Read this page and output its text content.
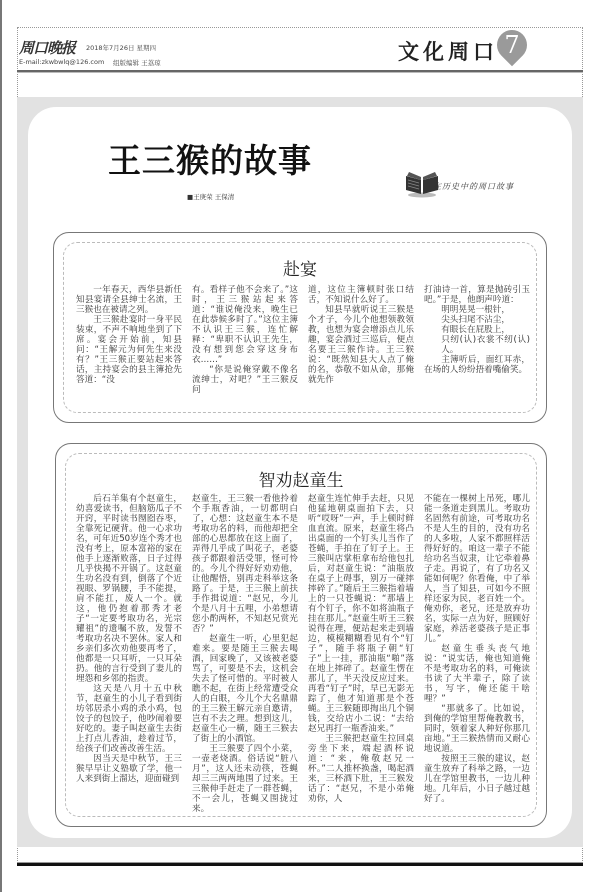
周口晚报 2018年7月26日 星期四
E-mail:zkwbwlq@126.com 组版编辑 王荔琼	文化周口 7
王三猴的故事
■王庚荣 王保清
在历史中的周口故事
赴宴

一年春天，西华县新任知县宴请全县绅士名流，王三猴也在被请之列。

王三猴赴宴时一身平民装束，不声不响地坐到了下席。宴会开始前，知县问：“王解元为何先生来没有？”王三猴正要站起来答话，主持宴会的县主簿抢先答道：“没

有。看样子他不会来了。”这时，王三猴站起来答道：“谁说俺没来，晚生已在此恭候多时了。”这位主簿不认识王三猴，连忙解释：“卑职不认识王先生，没有想到您会穿这身布衣……”

“你是说俺穿戴不像名流绅士，对吧？”王三猴反问

道，这位主簿顿时张口结舌，不知说什么好了。

知县早就听说王三猴是个才子，今儿个他想领教领教，也想为宴会增添点儿乐趣，宴会酒过三巡后，便点名要王三猴作诗。王三猴说：“既然知县大人点了俺的名，恭敬不如从命，那俺就先作

打油诗一首，算是抛砖引玉吧。”于是，他朗声吟道：

明明晃晃一根针，

尖头扫尾不沾尘，

有眼长在屁股上，

只纫(认)衣裳不纫(认)人。

主簿听后，面红耳赤，在场的人纷纷捂着嘴偷笑。

智劝赵童生

后石羊集有个赵童生，幼喜爱读书，但脑筋瓜子不开窍，平时读书囫囵吞枣，全靠死记硬背。他一心求功名，可年近50岁连个秀才也没有考上，原本富裕的家在他手上逐渐败落，日子过得几乎快揭不开锅了。这赵童生功名没有到，倒落了个近视眼、罗锅腰，手不能提，肩不能扛，废人一个。就这，他仍抱着那秀才老子“一定要考取功名，光宗耀祖”的遗嘱不放，发誓不考取功名决不罢休。家人和乡亲们多次劝他要再考了，他都是一只耳听，一只耳朵扔。他的言行受到了妻儿的埋怨和乡邻的指责。

这天是八月十五中秋节，赵童生的小儿子看到街坊邻居杀小鸡的杀小鸡，包饺子的包饺子，他吵闹着要好吃的。妻子叫赵童生去街上打点儿香油，趁着过节，给孩子们改善改善生活。

因当天是中秋节，王三猴早早让义塾歇了学，他一人来到街上溜达，迎面碰到

赵童生，王三猴一看他拎着个手瓶香油，一切都明白了，心想：这赵童生本不是考取功名的料，而他却把全部的心思都放在这上面了，弄得几乎成了叫花子，老婆孩子都跟着活受罪，怪可怜的。今儿个得好好劝劝他，让他醒悟，别再走科举这条路了。于是，王三猴上前扶手作揖说道：“赵兄，今儿个是八月十五哩，小弟想请您小酌两杯，不知赵兄赏光否？”

赵童生一听，心里犯起难来。要是随王三猴去喝酒，回家晚了，又该被老婆骂了，可要是不去，这机会失去了怪可惜的。平时被人瞧不起，在街上经常遭受众人的白眼，今儿个大名鼎鼎的王三猴王解元亲自邀请，岂有不去之理。想到这儿，赵童生心一横，随王三猴去了街上的小酒馆。

王三猴要了四个小菜，一壶老烧酒。俗话说“脏八月”，这人还未动筷，苍蝇却三三两两地围了过来。王三猴伸手赶走了一群苍蝇，不一会儿，苍蝇又围拢过来。

赵童生连忙伸手去赶，只见他猛地朝桌面拍下去，只听“哎呀”一声，手上顿时鲜血直流。原来，赵童生将凸出桌面的一个钉头儿当作了苍蝇，手拍在了钉子上。王三猴叫店掌柜拿布给他包扎后，对赵童生说：“油瓶放在桌子上碍事，别万一碰摔摔碎了。”随后王三猴指着墙上的一只苍蝇说：“那墙上有个钉子，你不如将油瓶子挂在那儿。”赵童生听王三猴说得在理，便站起来走到墙边，模模糊糊看见有个“钉子”，随手将瓶子朝“钉子”上一挂，那油瓶“啪”落在地上摔碎了。赵童生愣在那儿了，半天没反应过来。再看“钉子”时，早已无影无踪了，他才知道那是个苍蝇。王三猴随即掏出几个铜钱，交给店小二说：“去给赵兄再打一瓶香油来。”

王三猴把赵童生拉回桌旁坐下来，端起酒杯说道：“来，俺敬赵兄一杯。”二人推杯换盏，喝起酒来，三杯酒下肚，王三猴发话了：“赵兄，不是小弟俺劝你，人

不能在一棵树上吊死，哪儿能一条道走到黑儿。考取功名固然有前途，可考取功名不是人生的目的，没有功名的人多啦，人家不都照样活得好好的。咱这一辈子不能给功名当奴隶，让它牵着鼻子走。再说了，有了功名又能如何呢？你看俺，中了举人，当了知县，可如今不照样还家为民，老百姓一个。俺劝你，老兄，还是放弃功名，实际一点为好，照顾好家庭，养活老婆孩子是正事儿。”

赵童生垂头丧气地说：“说实话，俺也知道俺不是考取功名的料，可俺读书读了大半辈子，除了读书，写字，俺还能干啥哩？”

“那就多了。比如说，到俺的学馆里帮俺教教书，同时，领着家人种好你那几亩地。”王三猴热情而又耐心地说道。

按照王三猴的建议，赵童生放弃了科举之路，一边儿在学馆里教书，一边儿种地。几年后，小日子越过越好了。
